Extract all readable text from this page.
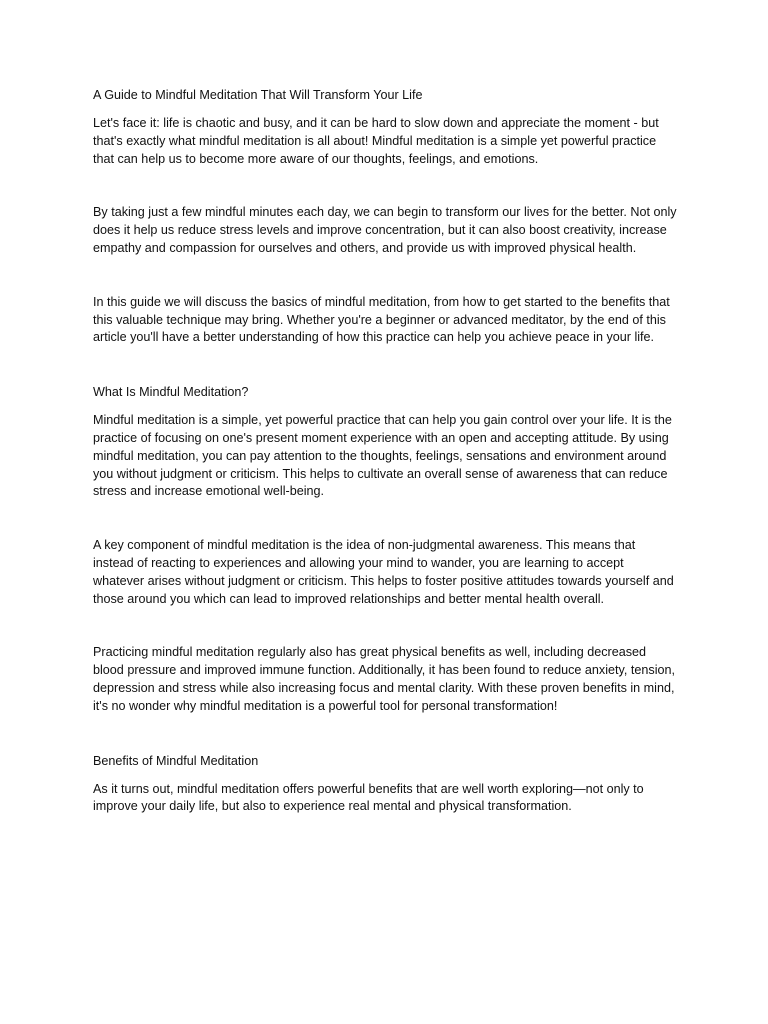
A Guide to Mindful Meditation That Will Transform Your Life

Let's face it: life is chaotic and busy, and it can be hard to slow down and appreciate the moment - but that's exactly what mindful meditation is all about! Mindful meditation is a simple yet powerful practice that can help us to become more aware of our thoughts, feelings, and emotions.

By taking just a few mindful minutes each day, we can begin to transform our lives for the better. Not only does it help us reduce stress levels and improve concentration, but it can also boost creativity, increase empathy and compassion for ourselves and others, and provide us with improved physical health.

In this guide we will discuss the basics of mindful meditation, from how to get started to the benefits that this valuable technique may bring. Whether you're a beginner or advanced meditator, by the end of this article you'll have a better understanding of how this practice can help you achieve peace in your life.

What Is Mindful Meditation?

Mindful meditation is a simple, yet powerful practice that can help you gain control over your life. It is the practice of focusing on one's present moment experience with an open and accepting attitude. By using mindful meditation, you can pay attention to the thoughts, feelings, sensations and environment around you without judgment or criticism. This helps to cultivate an overall sense of awareness that can reduce stress and increase emotional well-being.

A key component of mindful meditation is the idea of non-judgmental awareness. This means that instead of reacting to experiences and allowing your mind to wander, you are learning to accept whatever arises without judgment or criticism. This helps to foster positive attitudes towards yourself and those around you which can lead to improved relationships and better mental health overall.

Practicing mindful meditation regularly also has great physical benefits as well, including decreased blood pressure and improved immune function. Additionally, it has been found to reduce anxiety, tension, depression and stress while also increasing focus and mental clarity. With these proven benefits in mind, it's no wonder why mindful meditation is a powerful tool for personal transformation!

Benefits of Mindful Meditation

As it turns out, mindful meditation offers powerful benefits that are well worth exploring—not only to improve your daily life, but also to experience real mental and physical transformation.
